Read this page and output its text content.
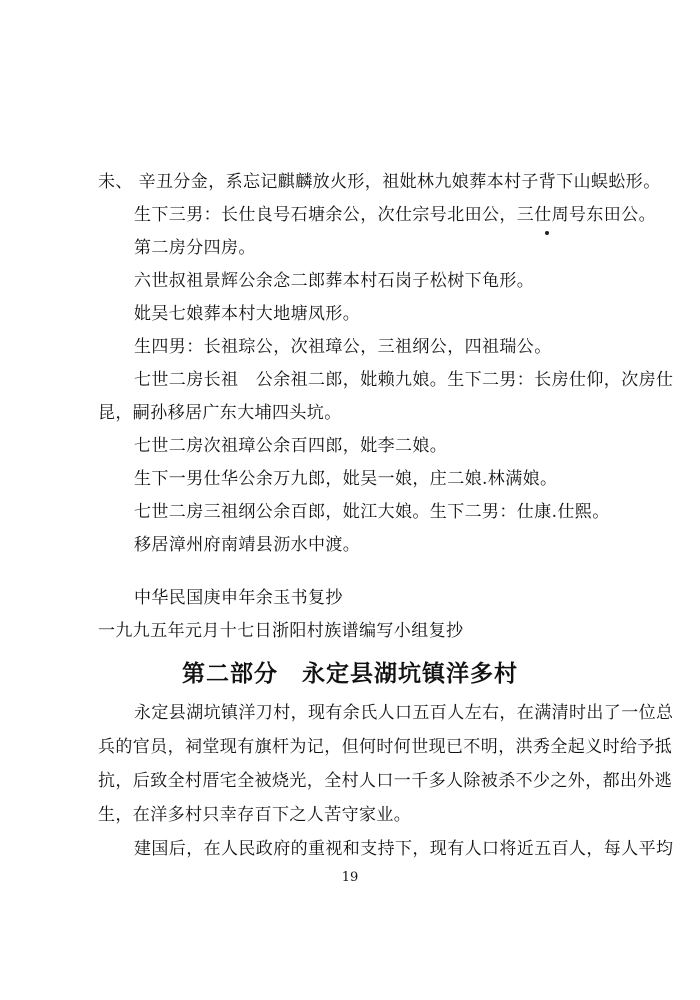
未、 辛丑分金，系忘记麒麟放火形，祖妣林九娘葬本村子背下山蜈蚣形。
生下三男：长仕良号石塘余公，次仕宗号北田公，三仕周号东田公。
第二房分四房。
六世叔祖景辉公余念二郎葬本村石岗子松树下龟形。
妣吴七娘葬本村大地塘凤形。
生四男：长祖琮公，次祖璋公，三祖纲公，四祖瑞公。
七世二房长祖　公余祖二郎，妣赖九娘。生下二男：长房仕仰，次房仕
昆，嗣孙移居广东大埔四头坑。
七世二房次祖璋公余百四郎，妣李二娘。
生下一男仕华公余万九郎，妣吴一娘，庄二娘.林满娘。
七世二房三祖纲公余百郎，妣江大娘。生下二男：仕康.仕熙。
移居漳州府南靖县沥水中渡。
中华民国庚申年余玉书复抄
一九九五年元月十七日浙阳村族谱编写小组复抄
第二部分　永定县湖坑镇洋多村
永定县湖坑镇洋刀村，现有余氏人口五百人左右，在满清时出了一位总
兵的官员，祠堂现有旗杆为记，但何时何世现已不明，洪秀全起义时给予抵
抗，后致全村厝宅全被烧光，全村人口一千多人除被杀不少之外，都出外逃
生，在洋多村只幸存百下之人苦守家业。
建国后，在人民政府的重视和支持下，现有人口将近五百人，每人平均
19
